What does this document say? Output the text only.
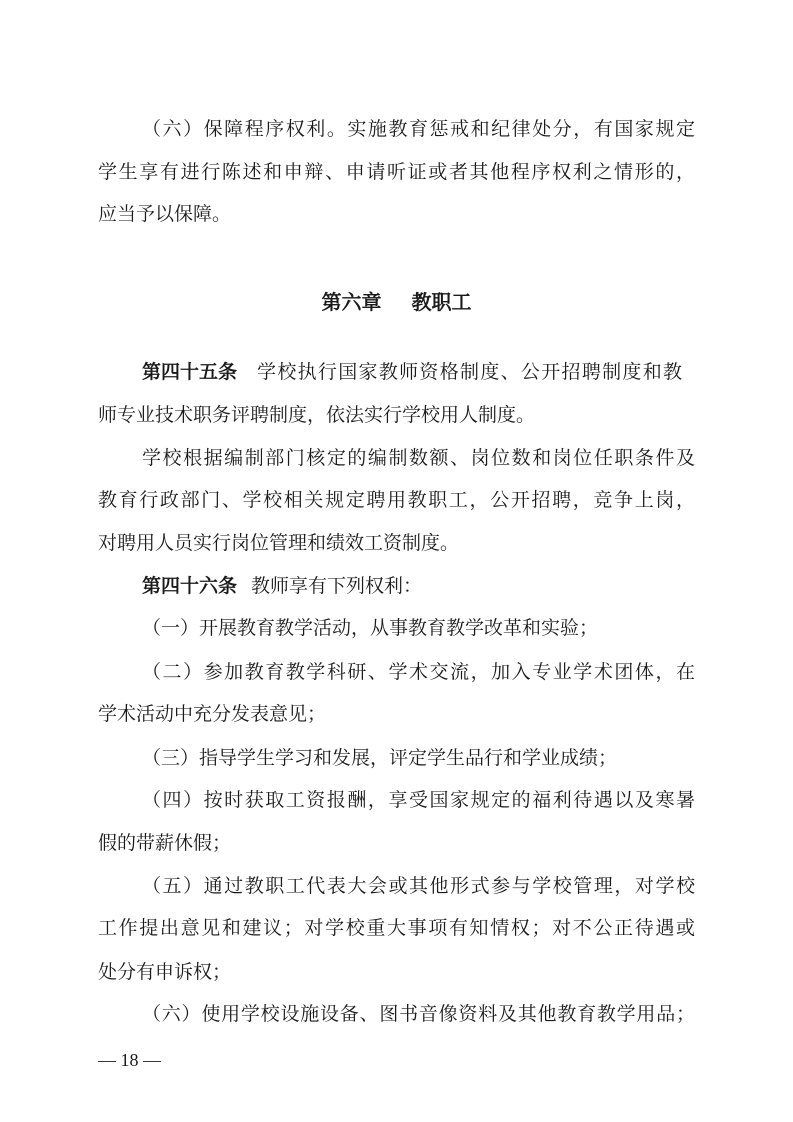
（六）保障程序权利。实施教育惩戒和纪律处分，有国家规定
学生享有进行陈述和申辩、申请听证或者其他程序权利之情形的，
应当予以保障。
第六章 教职工
第四十五条 学校执行国家教师资格制度、公开招聘制度和教
师专业技术职务评聘制度，依法实行学校用人制度。
学校根据编制部门核定的编制数额、岗位数和岗位任职条件及
教育行政部门、学校相关规定聘用教职工，公开招聘，竞争上岗，
对聘用人员实行岗位管理和绩效工资制度。
第四十六条 教师享有下列权利：
（一）开展教育教学活动，从事教育教学改革和实验；
（二）参加教育教学科研、学术交流，加入专业学术团体，在
学术活动中充分发表意见；
（三）指导学生学习和发展，评定学生品行和学业成绩；
（四）按时获取工资报酬，享受国家规定的福利待遇以及寒暑
假的带薪休假；
（五）通过教职工代表大会或其他形式参与学校管理，对学校
工作提出意见和建议；对学校重大事项有知情权；对不公正待遇或
处分有申诉权；
（六）使用学校设施设备、图书音像资料及其他教育教学用品；
— 18 —
